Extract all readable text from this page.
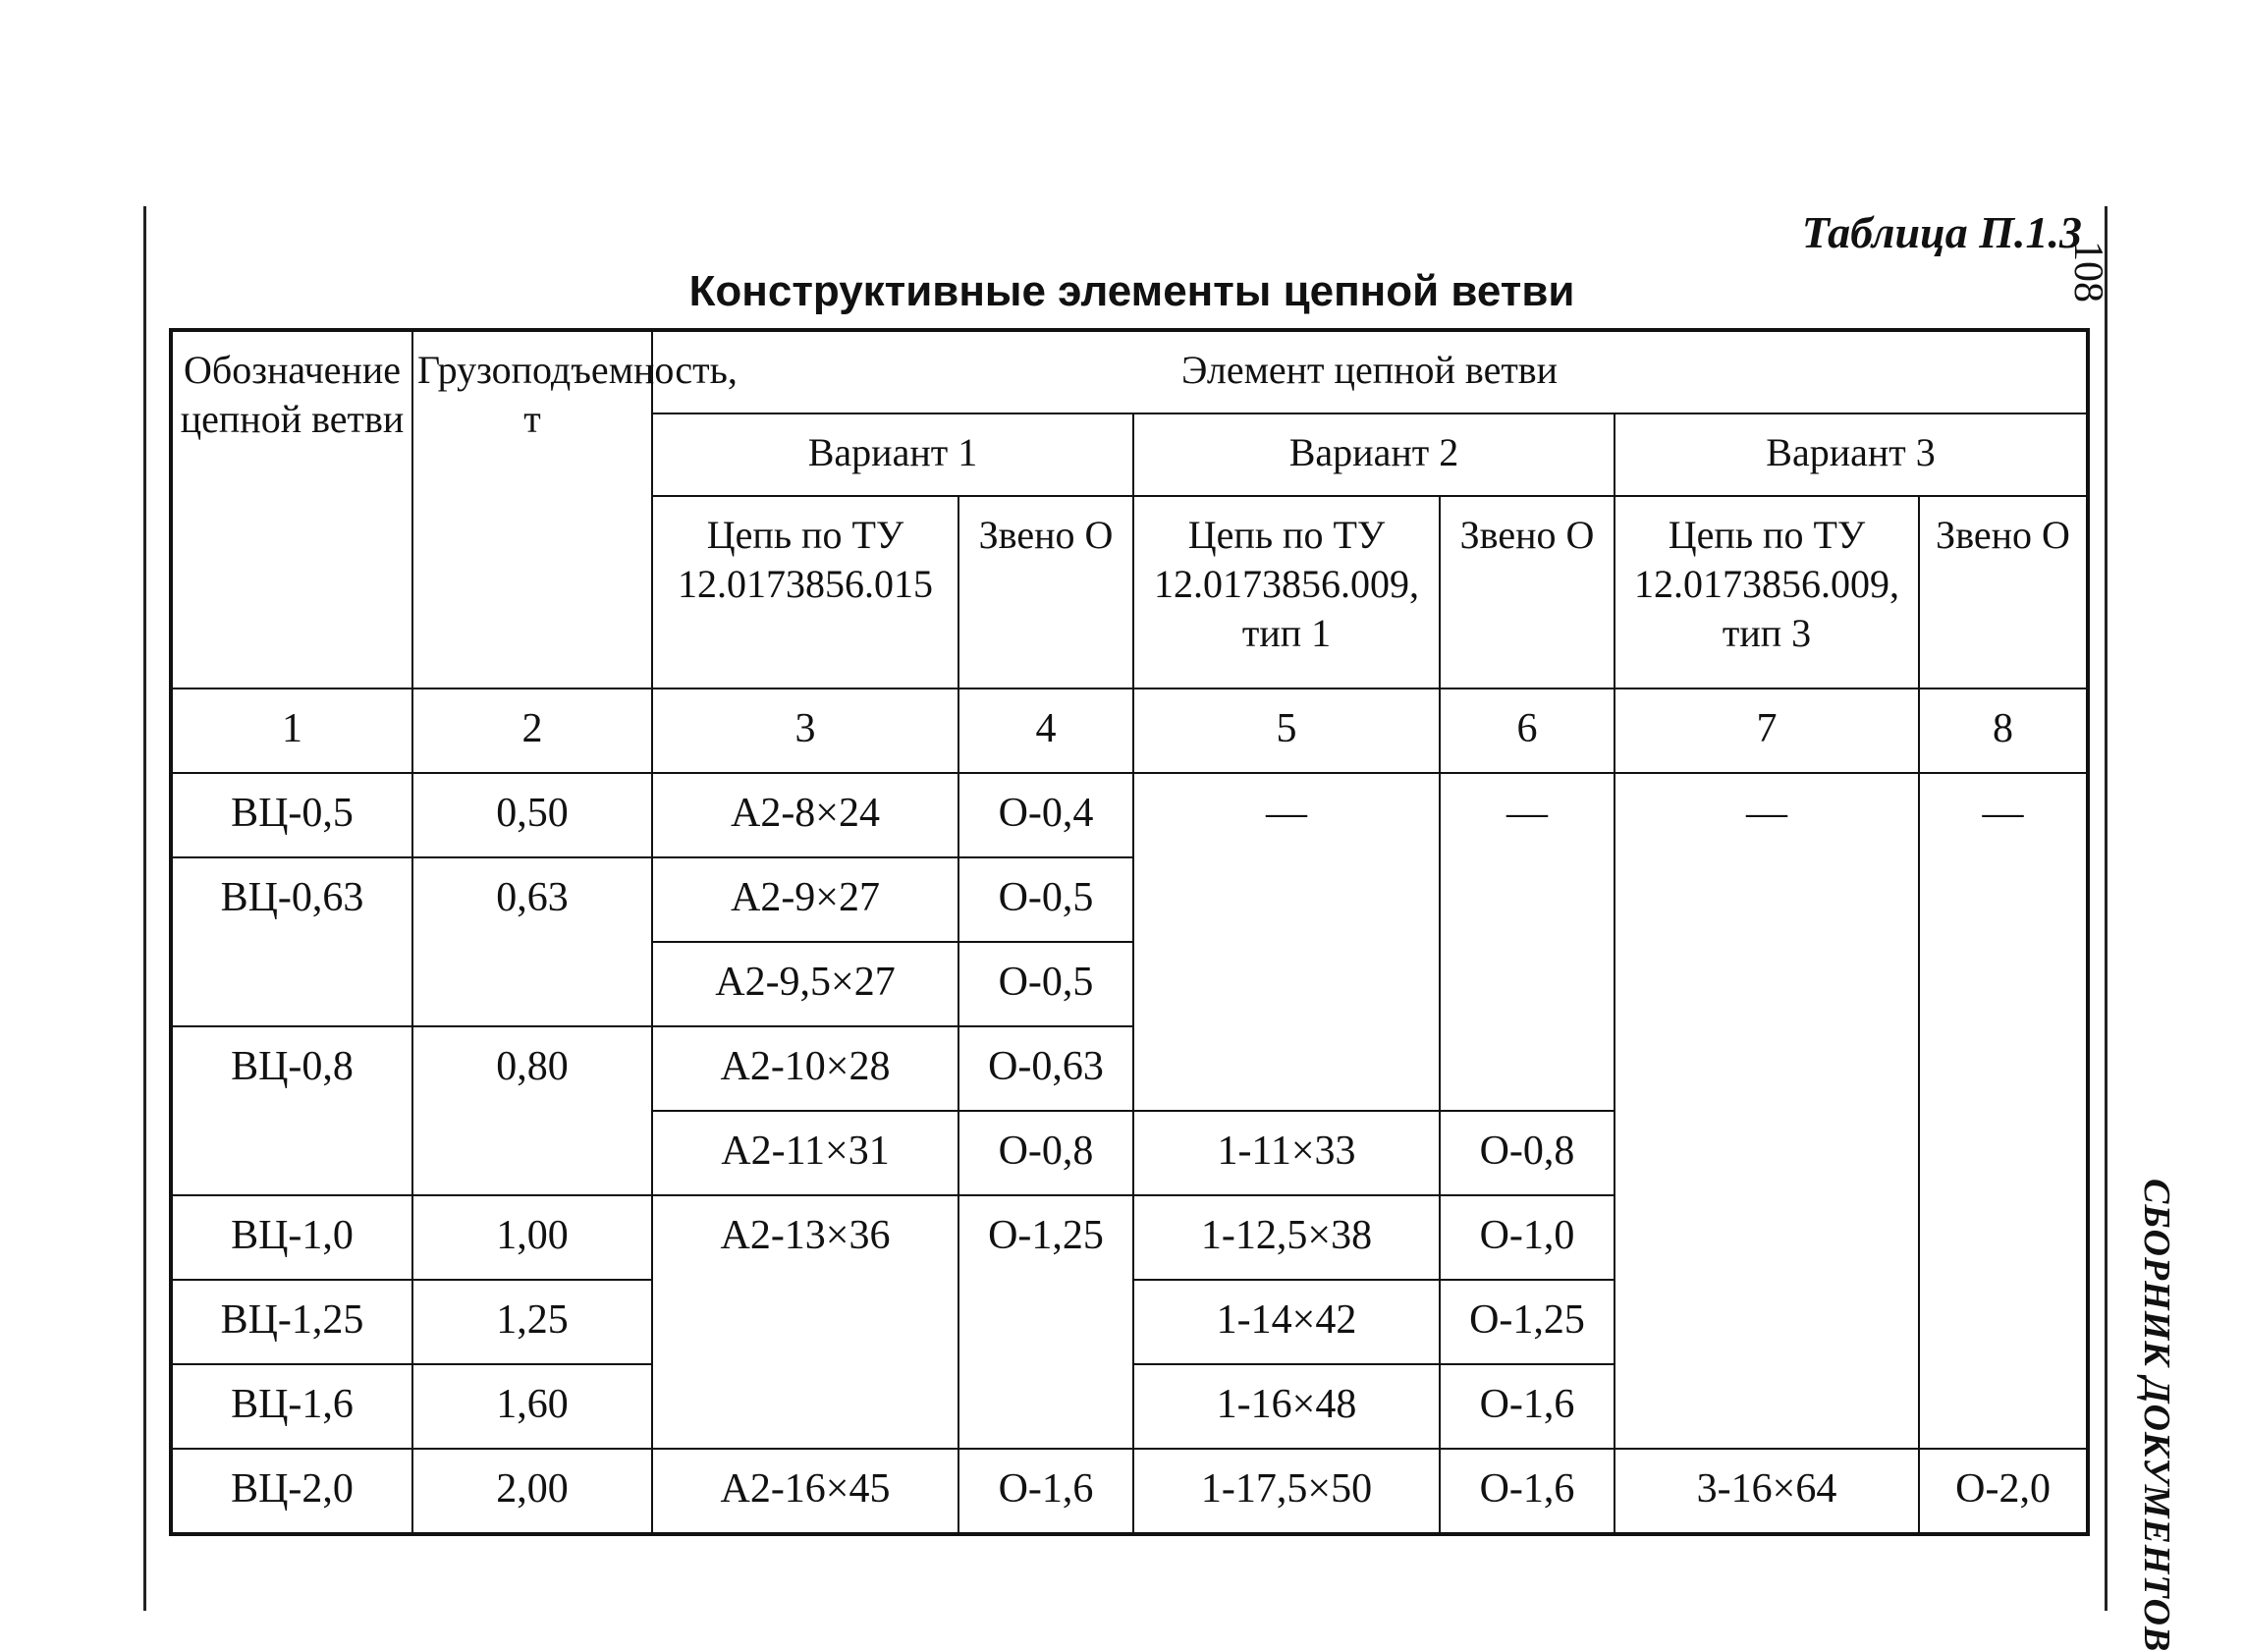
108
СБОРНИК ДОКУМЕНТОВ
Таблица П.1.3
Конструктивные элементы цепной ветви
Обозначение цепной ветви	Грузоподъемность, т	Элемент цепной ветви					
		Вариант 1		Вариант 2		Вариант 3	
		Цепь по ТУ 12.0173856.015	Звено О	Цепь по ТУ 12.0173856.009, тип 1	Звено О	Цепь по ТУ 12.0173856.009, тип 3	Звено О
1	2	3	4	5	6	7	8
ВЦ-0,5	0,50	А2-8×24	О-0,4	—	—	—	—
ВЦ-0,63	0,63	А2-9×27	О-0,5				
		А2-9,5×27	О-0,5				
ВЦ-0,8	0,80	А2-10×28	О-0,63				
		А2-11×31	О-0,8	1-11×33	О-0,8		
ВЦ-1,0	1,00	А2-13×36	О-1,25	1-12,5×38	О-1,0		
ВЦ-1,25	1,25			1-14×42	О-1,25		
ВЦ-1,6	1,60			1-16×48	О-1,6		
ВЦ-2,0	2,00	А2-16×45	О-1,6	1-17,5×50	О-1,6	3-16×64	О-2,0
